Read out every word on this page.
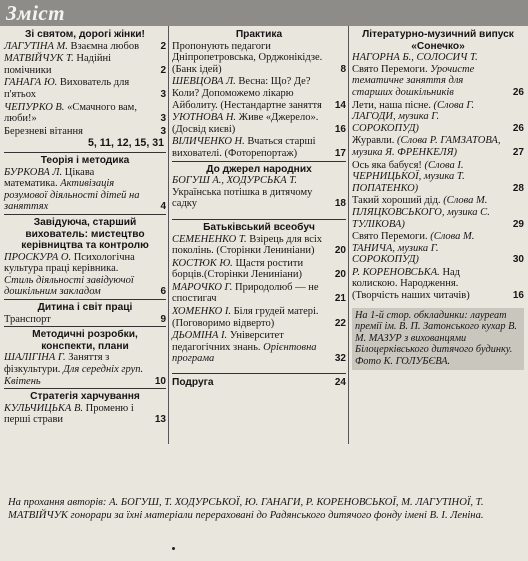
Зміст
Зі святом, дорогі жінки!
ЛАГУТІНА М. Взаємна любов 2
МАТВІЙЧУК Т. Надійні помічники	2
ГАНАГА Ю. Вихователь для п'ятьох	3
ЧЕПУРКО В. «Смачного вам, люби!»	3
Березневі вітання	3
5, 11, 12, 15, 31
Теорія і методика
БУРКОВА Л. Цікава математика. Активізація розумової діяльності дітей на заняттях	4
Завідуюча, старший вихователь: мистецтво керівництва та контролю
ПРОСКУРА О. Психологічна культура праці керівника. Стиль діяльності завідуючої дошкільним закладом	6
Дитина і світ праці
Транспорт	9
Методичні розробки, конспекти, плани
ШАЛІГІНА Г. Заняття з фізкультури. Для середніх груп. Квітень	10
Стратегія харчування
КУЛЬЧИЦЬКА В. Променю і перші страви	13
Практика
Пропонують педагоги Дніпропетровська, Орджонікідзе. (Банк ідей)	8
ШЕВЦОВА Л. Весна: Що? Де? Коли? Допоможемо лікарю Айболиту. (Нестандартне заняття 14
УЮТНОВА Н. Живе «Джерело». (Досвід києві)	16
ВІЛИЧЕНКО Н. Вчаться старші вихователі. (Фоторепортаж)	17
До джерел народних
БОГУШ А., ХОДУРСЬКА Т. Українська потішка в дитячому садку	18
Батьківський всеобуч
СЕМЕНЕНКО Т. Взірець для всіх поколінь. (Сторінки Лениніани) 20
КОСТЮК Ю. Щастя ростити борців.(Сторінки Лениніани)	20
МАРОЧКО Г. Природолюб — не спостигач	21
ХОМЕНКО І. Біля грудей матері. (Поговоримо відверто)	22
ДЬОМІНА І. Університет педагогічних знань. Орієнтовна програма	32
Подруга	24
Літературно-музичний випуск «Сонечко»
НАГОРНА Б., СОЛОСИЧ Т. Свято Перемоги. Урочисте тематичне заняття для старших дошкільників	26
Лети, наша пісне. (Слова Г. ЛАГОДИ, музика Г. СОРОКОПУД)	26
Журавли. (Слова Р. ГАМЗАТОВА, музика Я. ФРЕНКЕЛЯ)	27
Ось яка бабуся! (Слова І. ЧЕРНИЦЬКОЇ, музика Т. ПОПАТЕНКО)	28
Такий хороший дід. (Слова М. ПЛЯЦКОВСЬКОГО, музика С. ТУЛІКОВА)	29
Свято Перемоги. (Слова М. ТАНИЧА, музика Г. СОРОКОПУД)	30
Р. КОРЕНОВСЬКА. Над колискою. Народження. (Творчість наших читачів)	16
На 1-й стор. обкладинки: лауреат премії ім. В. П. Затонського кухар В. М. МАЗУР з вихованцями Білоцерківського дитячого будинку. Фото К. ГОЛУБЄВА.
На прохання авторів: А. БОГУШ, Т. ХОДУРСЬКОЇ, Ю. ГАНАГИ, Р. КОРЕНОВСЬКОЇ, М. ЛАГУТІНОЇ, Т. МАТВІЙЧУК гонорари за їхні матеріали перераховані до Радянського дитячого фонду імені В. І. Леніна.
